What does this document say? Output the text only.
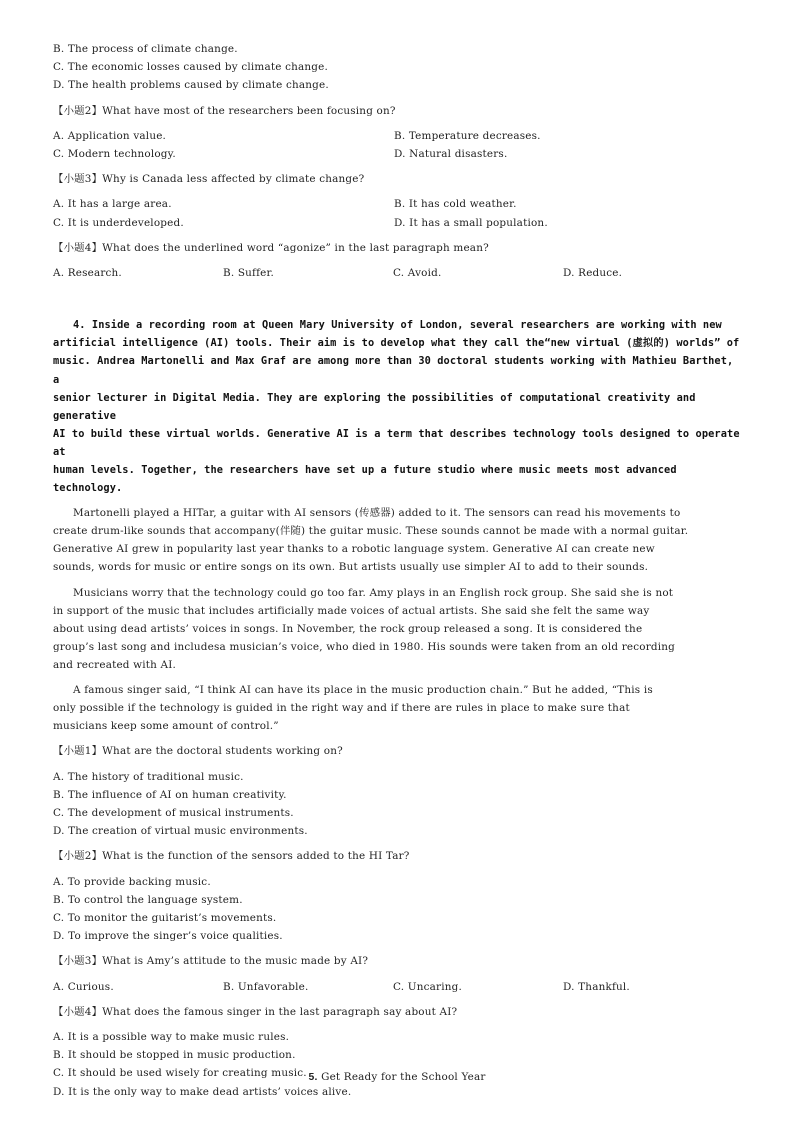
B. The process of climate change.
C. The economic losses caused by climate change.
D. The health problems caused by climate change.
【小题2】What have most of the researchers been focusing on?
A. Application value.	B. Temperature decreases.
C. Modern technology.	D. Natural disasters.
【小题3】Why is Canada less affected by climate change?
A. It has a large area.	B. It has cold weather.
C. It is underdeveloped.	D. It has a small population.
【小题4】What does the underlined word “agonize” in the last paragraph mean?
A. Research.	B. Suffer.	C. Avoid.	D. Reduce.
4. Inside a recording room at Queen Mary University of London, several researchers are working with new
artificial intelligence (AI) tools. Their aim is to develop what they call the“new virtual (虚拟的) worlds” of
music. Andrea Martonelli and Max Graf are among more than 30 doctoral students working with Mathieu Barthet, a
senior lecturer in Digital Media. They are exploring the possibilities of computational creativity and generative
AI to build these virtual worlds. Generative AI is a term that describes technology tools designed to operate at
human levels. Together, the researchers have set up a future studio where music meets most advanced technology.
Martonelli played a HITar, a guitar with AI sensors (传感器) added to it. The sensors can read his movements to
create drum-like sounds that accompany(伴随) the guitar music. These sounds cannot be made with a normal guitar.
Generative AI grew in popularity last year thanks to a robotic language system. Generative AI can create new
sounds, words for music or entire songs on its own. But artists usually use simpler AI to add to their sounds.
Musicians worry that the technology could go too far. Amy plays in an English rock group. She said she is not
in support of the music that includes artificially made voices of actual artists. She said she felt the same way
about using dead artists’ voices in songs. In November, the rock group released a song. It is considered the
group’s last song and includesa musician’s voice, who died in 1980. His sounds were taken from an old recording
and recreated with AI.
A famous singer said, “I think AI can have its place in the music production chain.” But he added, “This is
only possible if the technology is guided in the right way and if there are rules in place to make sure that
musicians keep some amount of control.”
【小题1】What are the doctoral students working on?
A. The history of traditional music.
B. The influence of AI on human creativity.
C. The development of musical instruments.
D. The creation of virtual music environments.
【小题2】What is the function of the sensors added to the HI Tar?
A. To provide backing music.
B. To control the language system.
C. To monitor the guitarist’s movements.
D. To improve the singer’s voice qualities.
【小题3】What is Amy’s attitude to the music made by AI?
A. Curious.	B. Unfavorable.	C. Uncaring.	D. Thankful.
【小题4】What does the famous singer in the last paragraph say about AI?
A. It is a possible way to make music rules.
B. It should be stopped in music production.
C. It should be used wisely for creating music.
D. It is the only way to make dead artists’ voices alive.
5. Get Ready for the School Year
